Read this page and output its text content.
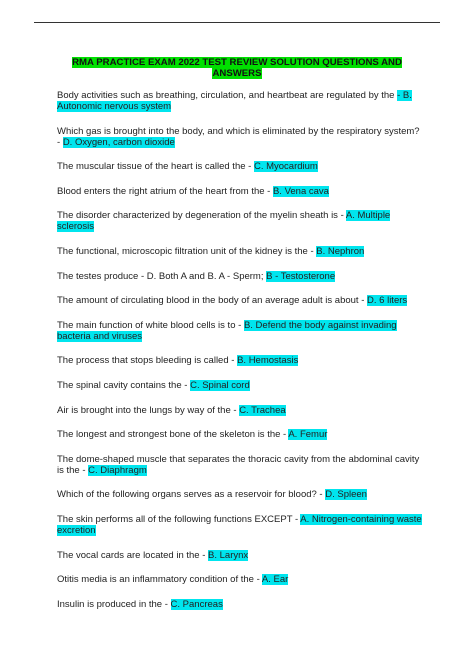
RMA PRACTICE EXAM 2022 TEST REVIEW SOLUTION QUESTIONS AND ANSWERS
Body activities such as breathing, circulation, and heartbeat are regulated by the - B. Autonomic nervous system
Which gas is brought into the body, and which is eliminated by the respiratory system? - D. Oxygen, carbon dioxide
The muscular tissue of the heart is called the - C. Myocardium
Blood enters the right atrium of the heart from the - B. Vena cava
The disorder characterized by degeneration of the myelin sheath is - A. Multiple sclerosis
The functional, microscopic filtration unit of the kidney is the - B. Nephron
The testes produce - D. Both A and B. A - Sperm; B - Testosterone
The amount of circulating blood in the body of an average adult is about - D. 6 liters
The main function of white blood cells is to - B. Defend the body against invading bacteria and viruses
The process that stops bleeding is called - B. Hemostasis
The spinal cavity contains the - C. Spinal cord
Air is brought into the lungs by way of the - C. Trachea
The longest and strongest bone of the skeleton is the - A. Femur
The dome-shaped muscle that separates the thoracic cavity from the abdominal cavity is the - C. Diaphragm
Which of the following organs serves as a reservoir for blood? - D. Spleen
The skin performs all of the following functions EXCEPT - A. Nitrogen-containing waste excretion
The vocal cards are located in the - B. Larynx
Otitis media is an inflammatory condition of the - A. Ear
Insulin is produced in the - C. Pancreas
